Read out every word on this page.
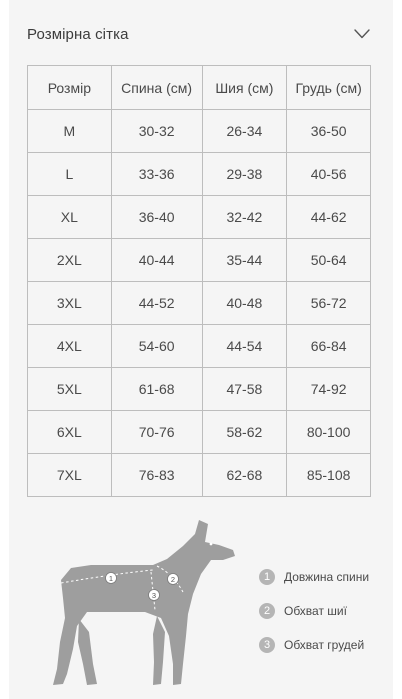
Розмірна сітка
Розмір	Спина (см)	Шия (см)	Грудь (см)
M	30-32	26-34	36-50
L	33-36	29-38	40-56
XL	36-40	32-42	44-62
2XL	40-44	35-44	50-64
3XL	44-52	40-48	56-72
4XL	54-60	44-54	66-84
5XL	61-68	47-58	74-92
6XL	70-76	58-62	80-100
7XL	76-83	62-68	85-108
1	2
3
1	Довжина спини
2	Обхват шиї
3	Обхват грудей
